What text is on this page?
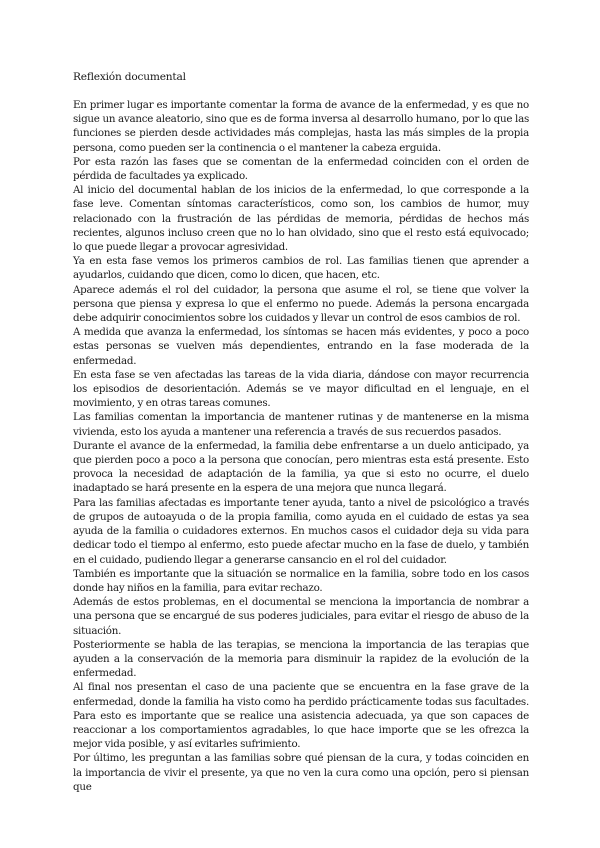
Reflexión documental

En primer lugar es importante comentar la forma de avance de la enfermedad, y es que no sigue un avance aleatorio, sino que es de forma inversa al desarrollo humano, por lo que las funciones se pierden desde actividades más complejas, hasta las más simples de la propia persona, como pueden ser la continencia o el mantener la cabeza erguida.

Por esta razón las fases que se comentan de la enfermedad coinciden con el orden de pérdida de facultades ya explicado.

Al inicio del documental hablan de los inicios de la enfermedad, lo que corresponde a la fase leve. Comentan síntomas característicos, como son, los cambios de humor, muy relacionado con la frustración de las pérdidas de memoria, pérdidas de hechos más recientes, algunos incluso creen que no lo han olvidado, sino que el resto está equivocado; lo que puede llegar a provocar agresividad.

Ya en esta fase vemos los primeros cambios de rol. Las familias tienen que aprender a ayudarlos, cuidando que dicen, como lo dicen, que hacen, etc.

Aparece además el rol del cuidador, la persona que asume el rol, se tiene que volver la persona que piensa y expresa lo que el enfermo no puede. Además la persona encargada debe adquirir conocimientos sobre los cuidados y llevar un control de esos cambios de rol.

A medida que avanza la enfermedad, los síntomas se hacen más evidentes, y poco a poco estas personas se vuelven más dependientes, entrando en la fase moderada de la enfermedad.

En esta fase se ven afectadas las tareas de la vida diaria, dándose con mayor recurrencia los episodios de desorientación. Además se ve mayor dificultad en el lenguaje, en el movimiento, y en otras tareas comunes.

Las familias comentan la importancia de mantener rutinas y de mantenerse en la misma vivienda, esto los ayuda a mantener una referencia a través de sus recuerdos pasados.

Durante el avance de la enfermedad, la familia debe enfrentarse a un duelo anticipado, ya que pierden poco a poco a la persona que conocían, pero mientras esta está presente. Esto provoca la necesidad de adaptación de la familia, ya que si esto no ocurre, el duelo inadaptado se hará presente en la espera de una mejora que nunca llegará.

Para las familias afectadas es importante tener ayuda, tanto a nivel de psicológico a través de grupos de autoayuda o de la propia familia, como ayuda en el cuidado de estas ya sea ayuda de la familia o cuidadores externos. En muchos casos el cuidador deja su vida para dedicar todo el tiempo al enfermo, esto puede afectar mucho en la fase de duelo, y también en el cuidado, pudiendo llegar a generarse cansancio en el rol del cuidador.

También es importante que la situación se normalice en la familia, sobre todo en los casos donde hay niños en la familia, para evitar rechazo.

Además de estos problemas, en el documental se menciona la importancia de nombrar a una persona que se encargué de sus poderes judiciales, para evitar el riesgo de abuso de la situación.

Posteriormente se habla de las terapias, se menciona la importancia de las terapias que ayuden a la conservación de la memoria para disminuir la rapidez de la evolución de la enfermedad.

Al final nos presentan el caso de una paciente que se encuentra en la fase grave de la enfermedad, donde la familia ha visto como ha perdido prácticamente todas sus facultades. Para esto es importante que se realice una asistencia adecuada, ya que son capaces de reaccionar a los comportamientos agradables, lo que hace importe que se les ofrezca la mejor vida posible, y así evitarles sufrimiento.

Por último, les preguntan a las familias sobre qué piensan de la cura, y todas coinciden en la importancia de vivir el presente, ya que no ven la cura como una opción, pero si piensan que
